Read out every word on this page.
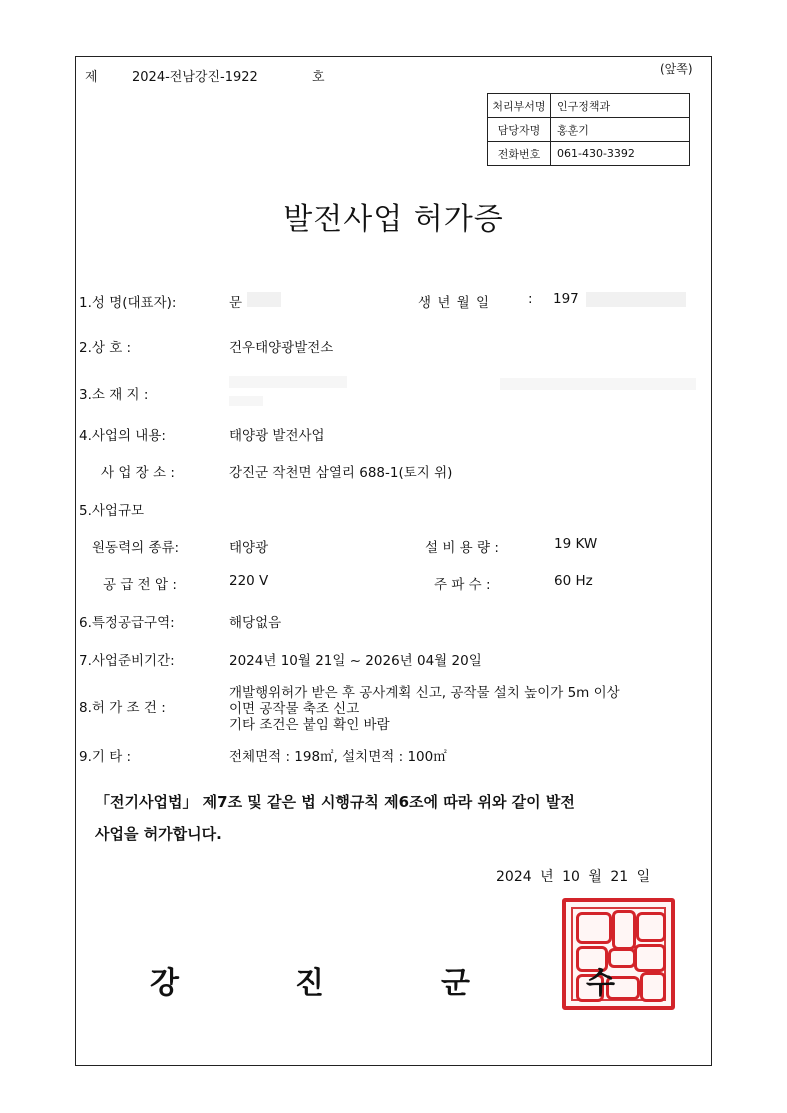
제	2024-전남강진-1922	호
(앞쪽)
처리부서명	인구정책과
담당자명	홍훈기
전화번호	061-430-3392
발전사업 허가증
1.성 명(대표자):	문	생 년 월 일	: 197
2.상 호 :	건우태양광발전소
3.소 재 지 :
4.사업의 내용:	태양광 발전사업
사 업 장 소 :	강진군 작천면 삼열리 688-1(토지 위)
5.사업규모
원동력의 종류:	태양광	설 비 용 량 :	19 KW
공 급 전 압 :	220 V	주 파 수 :	60 Hz
6.특정공급구역:	해당없음
7.사업준비기간:	2024년 10월 21일 ~ 2026년 04월 20일
8.허 가 조 건 :
개발행위허가 받은 후 공사계획 신고, 공작물 설치 높이가 5m 이상
이면 공작물 축조 신고
기타 조건은 붙임 확인 바람
9.기 타 :	전체면적 : 198㎡, 설치면적 : 100㎡
「전기사업법」 제7조 및 같은 법 시행규칙 제6조에 따라 위와 같이 발전
사업을 허가합니다.
2024 년 10 월 21 일
강	진	군	수
